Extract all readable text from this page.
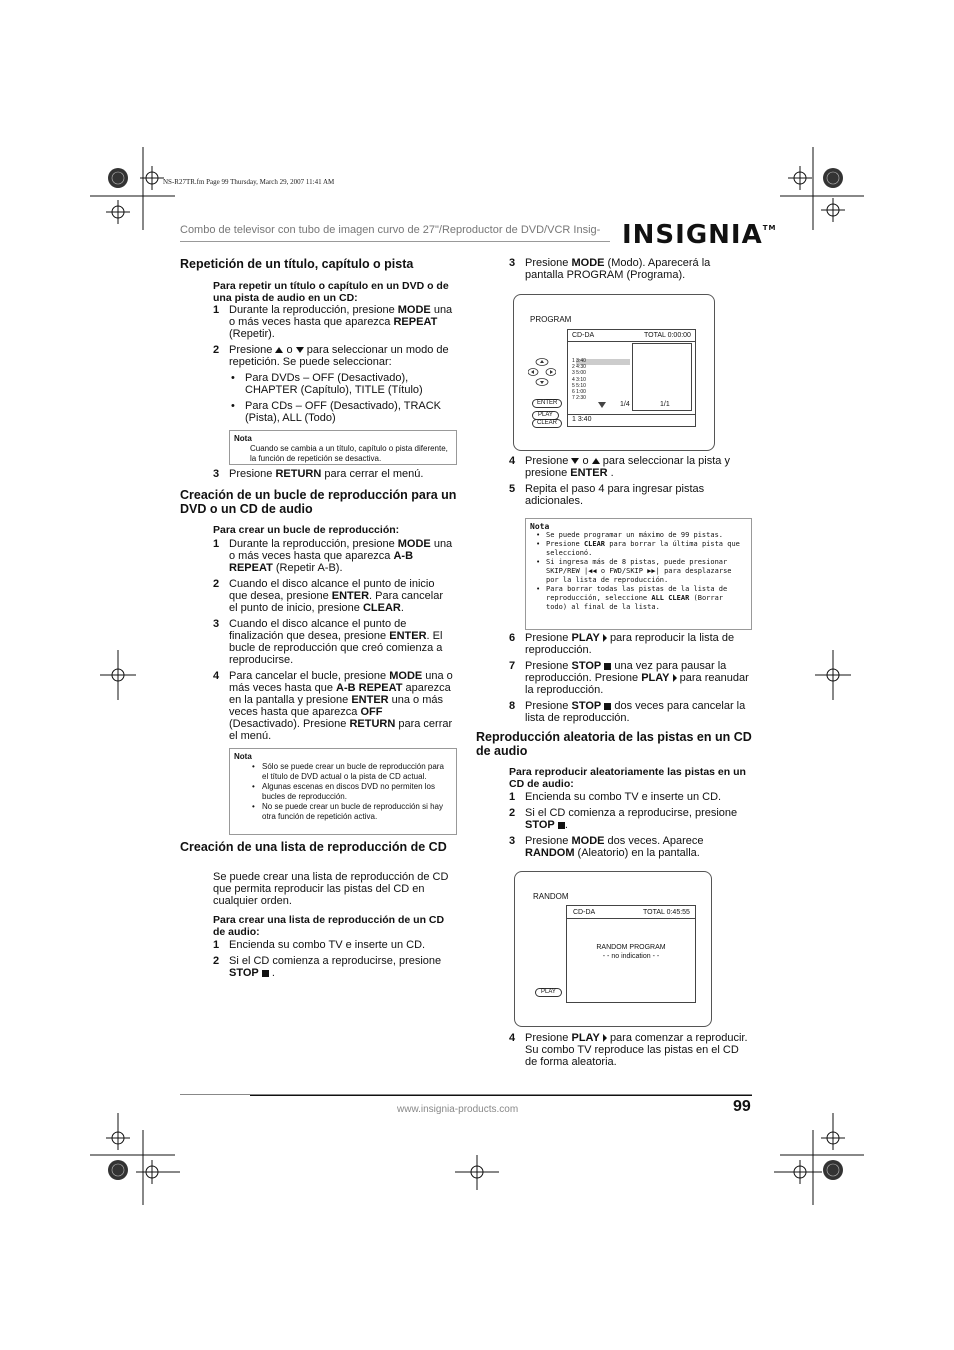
NS-R27TR.fm Page 99 Thursday, March 29, 2007 11:41 AM
Combo de televisor con tubo de imagen curvo de 27"/Reproductor de DVD/VCR Insig- INSIGNIA™
Repetición de un título, capítulo o pista
Para repetir un título o capítulo en un DVD o de una pista de audio en un CD:

1 Durante la reproducción, presione MODE una o más veces hasta que aparezca REPEAT (Repetir).

2 Presione o para seleccionar un modo de repetición. Se puede seleccionar:

• Para DVDs – OFF (Desactivado), CHAPTER (Capítulo), TITLE (Título)
• Para CDs – OFF (Desactivado), TRACK (Pista), ALL (Todo)
Nota
Cuando se cambia a un título, capítulo o pista diferente, la función de repetición se desactiva.

3 Presione RETURN para cerrar el menú.

Creación de un bucle de reproducción para un DVD o un CD de audio
Para crear un bucle de reproducción:

1 Durante la reproducción, presione MODE una o más veces hasta que aparezca A-B REPEAT (Repetir A-B).

2 Cuando el disco alcance el punto de inicio que desea, presione ENTER. Para cancelar el punto de inicio, presione CLEAR.

3 Cuando el disco alcance el punto de finalización que desea, presione ENTER. El bucle de reproducción que creó comienza a reproducirse.

4 Para cancelar el bucle, presione MODE una o más veces hasta que A-B REPEAT aparezca en la pantalla y presione ENTER una o más veces hasta que aparezca OFF (Desactivado). Presione RETURN para cerrar el menú.

Nota
• Sólo se puede crear un bucle de reproducción para el título de DVD actual o la pista de CD actual.
• Algunas escenas en discos DVD no permiten los bucles de reproducción.
• No se puede crear un bucle de reproducción si hay otra función de repetición activa.
Creación de una lista de reproducción de CD
Se puede crear una lista de reproducción de CD que permita reproducir las pistas del CD en cualquier orden.
Para crear una lista de reproducción de un CD de audio:

1 Encienda su combo TV e inserte un CD.

2 Si el CD comienza a reproducirse, presione STOP .

3 Presione MODE (Modo). Aparecerá la pantalla PROGRAM (Programa).

PROGRAM
ENTER
PLAY
CLEAR
CD-DA	TOTAL 0:00:00
1 3:40
2 4:30
3 5:00
4 3:10
5 5:10
6 1:00
7 2:30
1/4	1/1
1 3:40

4 Presione o para seleccionar la pista y presione ENTER .

5 Repita el paso 4 para ingresar pistas adicionales.

Nota
• Se puede programar un máximo de 99 pistas.
• Presione CLEAR para borrar la última pista que seleccionó.
• Si ingresa más de 8 pistas, puede presionar SKIP/REW |◀◀ o FWD/SKIP ▶▶| para desplazarse por la lista de reproducción.
• Para borrar todas las pistas de la lista de reproducción, seleccione ALL CLEAR (Borrar todo) al final de la lista.

6 Presione PLAY para reproducir la lista de reproducción.

7 Presione STOP una vez para pausar la reproducción. Presione PLAY para reanudar la reproducción.

8 Presione STOP dos veces para cancelar la lista de reproducción.

Reproducción aleatoria de las pistas en un CD de audio
Para reproducir aleatoriamente las pistas en un CD de audio:

1 Encienda su combo TV e inserte un CD.

2 Si el CD comienza a reproducirse, presione STOP .

3 Presione MODE dos veces. Aparece RANDOM (Aleatorio) en la pantalla.

RANDOM
PLAY
CD-DA	TOTAL 0:45:55
RANDOM PROGRAM
- - no indication - -

4 Presione PLAY para comenzar a reproducir. Su combo TV reproduce las pistas en el CD de forma aleatoria.

www.insignia-products.com	99
